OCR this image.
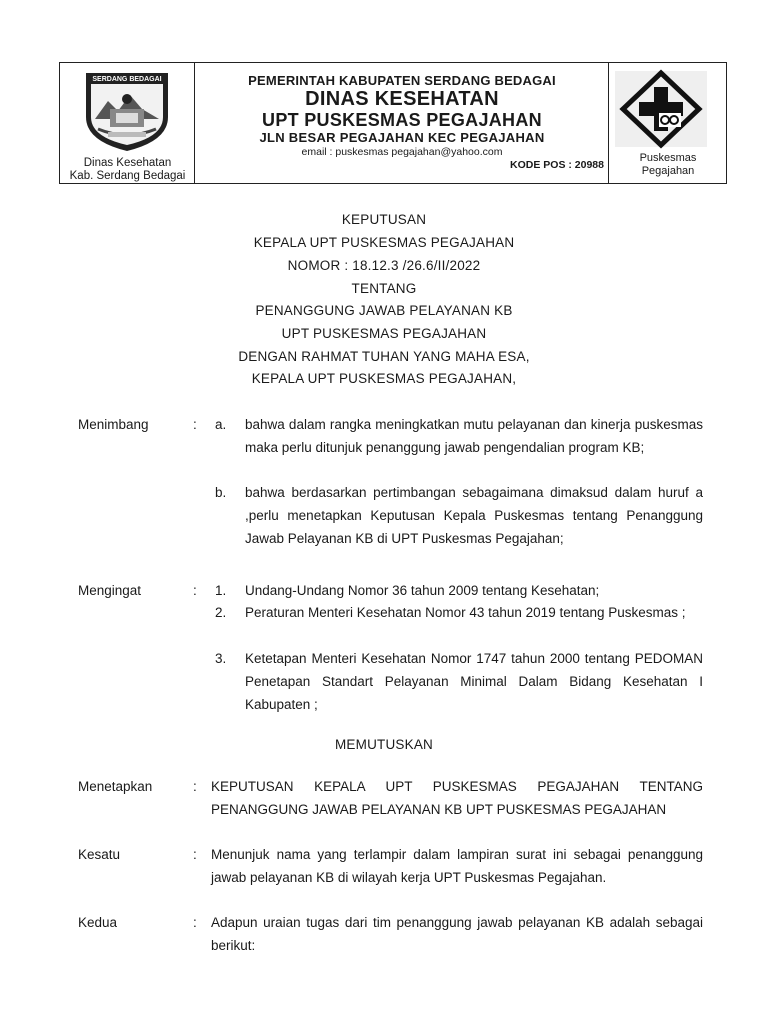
SERDANG BEDAGAI
Dinas Kesehatan
Kab. Serdang Bedagai
PEMERINTAH KABUPATEN SERDANG BEDAGAI
DINAS KESEHATAN
UPT PUSKESMAS PEGAJAHAN
JLN BESAR PEGAJAHAN KEC PEGAJAHAN
email : puskesmas pegajahan@yahoo.com
KODE POS : 20988
Puskesmas
Pegajahan
KEPUTUSAN
KEPALA UPT PUSKESMAS PEGAJAHAN
NOMOR : 18.12.3 /26.6/II/2022
TENTANG
PENANGGUNG JAWAB PELAYANAN KB
UPT PUSKESMAS PEGAJAHAN
DENGAN RAHMAT TUHAN YANG MAHA ESA,
KEPALA UPT PUSKESMAS PEGAJAHAN,
Menimbang	: a. bahwa dalam rangka meningkatkan mutu pelayanan dan kinerja puskesmas maka perlu ditunjuk penanggung jawab pengendalian program KB;
b. bahwa berdasarkan pertimbangan sebagaimana dimaksud dalam huruf a ,perlu menetapkan Keputusan Kepala Puskesmas tentang Penanggung Jawab Pelayanan KB di UPT Puskesmas Pegajahan;
Mengingat	: 1. Undang-Undang Nomor 36 tahun 2009 tentang Kesehatan;
2. Peraturan Menteri Kesehatan Nomor 43 tahun 2019 tentang Puskesmas ;
3. Ketetapan Menteri Kesehatan Nomor 1747 tahun 2000 tentang PEDOMAN Penetapan Standart Pelayanan Minimal Dalam Bidang Kesehatan I Kabupaten ;
MEMUTUSKAN
Menetapkan	: KEPUTUSAN KEPALA UPT PUSKESMAS PEGAJAHAN TENTANG PENANGGUNG JAWAB PELAYANAN KB UPT PUSKESMAS PEGAJAHAN
Kesatu	: Menunjuk nama yang terlampir dalam lampiran surat ini sebagai penanggung jawab pelayanan KB di wilayah kerja UPT Puskesmas Pegajahan.
Kedua	: Adapun uraian tugas dari tim penanggung jawab pelayanan KB adalah sebagai berikut:
